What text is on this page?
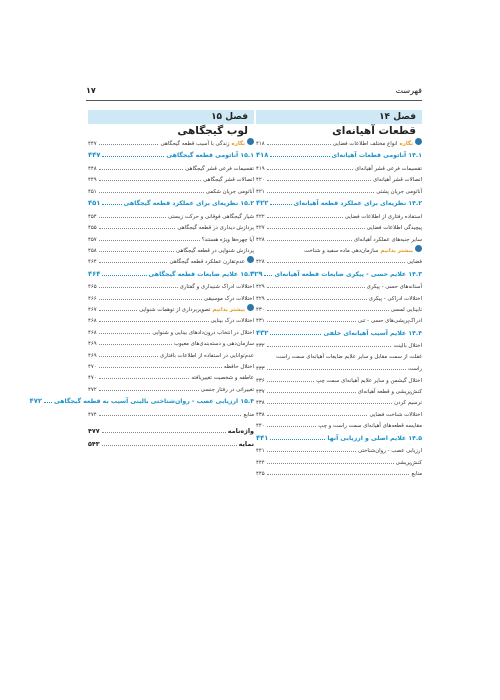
۱۷	فهرست
فصل ۱۴
قطعات آهیانه‌ای
نگاره
انواع مختلف اطلاعات فضایی
۴۱۸
۱۴.۱ آناتومی قطعات آهیانه‌ای
۴۱۸
تقسیمات فرعی قشر آهیانه‌ای
۴۱۹
اتصالات قشر آهیانه‌ای
۴۲۰
آناتومی جریان پشتی
۴۲۱
۱۴.۲ نظریه‌ای برای عملکرد قطعه آهیانه‌ای
۴۲۲
استفاده رفتاری از اطلاعات فضایی
۴۲۲
پیچیدگی اطلاعات فضایی
۴۲۷
سایر جنبه‌های عملکرد آهیانه‌ای
۴۲۸
بیشتر بدانیم
سازمان‌دهی ماده سفید و شناخت
فضایی
۴۲۸
۱۴.۳ علایم حسی - پیکری ضایعات قطعه آهیانه‌ای
۴۲۹
آستانه‌های حسی - پیکری
۴۲۹
اختلالات ادراکی - پیکری
۴۲۹
نابینایی لمسی
۴۳۰
ادراک‌پریشی‌های حسی - تنی
۴۳۱
۱۴.۴ علایم آسیب آهیانه‌ای خلفی
۴۳۲
اختلال بالینت
۴۳۲
غفلت از سمت مقابل و سایر علایم ضایعات آهیانه‌ای سمت راست
راست
۴۳۳
اختلال گیشمن و سایر علایم آهیانه‌ای سمت چپ
۴۳۶
کنش‌پریشی و قطعه آهیانه‌ای
۴۳۷
ترسیم کردن
۴۳۸
اختلالات شناخت فضایی
۴۳۸
مقایسه قطعه‌های آهیانه‌ای سمت راست و چپ
۴۴۰
۱۴.۵ علایم اصلی و ارزیابی آنها
۴۴۱
ارزیابی عصب - روان‌شناختی
۴۴۱
کنش‌پریشی
۴۴۴
منابع
۴۴۵
فصل ۱۵
لوب گیجگاهی
نگاره
زندگی با آسیب قطعه گیجگاهی
۴۴۷
۱۵.۱ آناتومی قطعه گیجگاهی
۴۴۷
تقسیمات فرعی قشر گیجگاهی
۴۴۸
اتصالات قشر گیجگاهی
۴۴۹
آناتومی جریان شکمی
۴۵۱
۱۵.۲ نظریه‌ای برای عملکرد قطعه گیجگاهی
۴۵۱
شیار گیجگاهی فوقانی و حرکت زیستی
۴۵۴
پردازش دیداری در قطعه گیجگاهی
۴۵۵
آیا چهره‌ها ویژه هستند؟
۴۵۷
پردازش شنوایی در قطعه گیجگاهی
۴۵۸
عدم‌تقارن عملکرد قطعه گیجگاهی
۴۶۴
۱۵.۳ علایم ضایعات قطعه گیجگاهی
۴۶۴
اختلالات ادراک شنیداری و گفتاری
۴۶۵
اختلالات درک موسیقی
۴۶۶
بیشتر بدانیم
تصویربرداری از توهمات شنوایی
۴۶۷
اختلالات درک بینایی
۴۶۸
اختلال در انتخاب درون‌دادهای بینایی و شنوایی
۴۶۸
سازمان‌دهی و دسته‌بندی‌های معیوب
۴۶۹
عدم‌توانایی در استفاده از اطلاعات بافتاری
۴۶۹
اختلال حافظه
۴۷۰
عاطفه و شخصیت تغییریافته
۴۷۰
تغییراتی در رفتار جنسی
۴۷۲
۱۵.۴ ارزیابی عصب - روان‌شناختی بالینی آسیب به قطعه گیجگاهی
۴۷۲
منابع
۴۷۴
واژه‌نامه
۴۷۷
نمایه
۵۴۳
